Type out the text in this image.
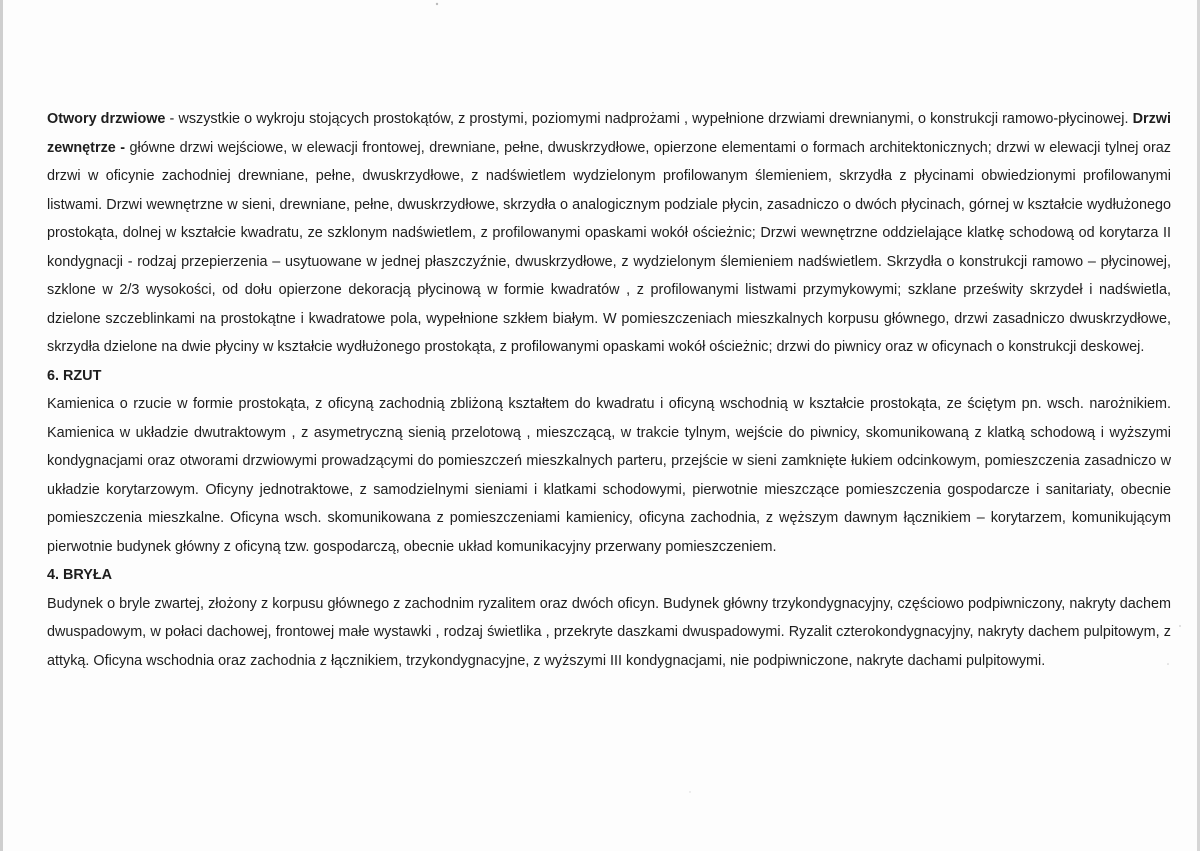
Otwory drzwiowe - wszystkie o wykroju stojących prostokątów, z prostymi, poziomymi nadprożami , wypełnione drzwiami drewnianymi, o konstrukcji ramowo-płycinowej. Drzwi zewnętrze - główne drzwi wejściowe, w elewacji frontowej, drewniane, pełne, dwuskrzydłowe, opierzone elementami o formach architektonicznych; drzwi w elewacji tylnej oraz drzwi w oficynie zachodniej drewniane, pełne, dwuskrzydłowe, z nadświetlem wydzielonym profilowanym ślemieniem, skrzydła z płycinami obwiedzionymi profilowanymi listwami. Drzwi wewnętrzne w sieni, drewniane, pełne, dwuskrzydłowe, skrzydła o analogicznym podziale płycin, zasadniczo o dwóch płycinach, górnej w kształcie wydłużonego prostokąta, dolnej w kształcie kwadratu, ze szklonym nadświetlem, z profilowanymi opaskami wokół ościeżnic; Drzwi wewnętrzne oddzielające klatkę schodową od korytarza II kondygnacji - rodzaj przepierzenia – usytuowane w jednej płaszczyźnie, dwuskrzydłowe, z wydzielonym ślemieniem nadświetlem. Skrzydła o konstrukcji ramowo – płycinowej, szklone w 2/3 wysokości, od dołu opierzone dekoracją płycinową w formie kwadratów , z profilowanymi listwami przymykowymi; szklane prześwity skrzydeł i nadświetla, dzielone szczeblinkami na prostokątne i kwadratowe pola, wypełnione szkłem białym. W pomieszczeniach mieszkalnych korpusu głównego, drzwi zasadniczo dwuskrzydłowe, skrzydła dzielone na dwie płyciny w kształcie wydłużonego prostokąta, z profilowanymi opaskami wokół ościeżnic; drzwi do piwnicy oraz w oficynach o konstrukcji deskowej.

6. RZUT

Kamienica o rzucie w formie prostokąta, z oficyną zachodnią zbliżoną kształtem do kwadratu i oficyną wschodnią w kształcie prostokąta, ze ściętym pn. wsch. narożnikiem. Kamienica w układzie dwutraktowym , z asymetryczną sienią przelotową , mieszczącą, w trakcie tylnym, wejście do piwnicy, skomunikowaną z klatką schodową i wyższymi kondygnacjami oraz otworami drzwiowymi prowadzącymi do pomieszczeń mieszkalnych parteru, przejście w sieni zamknięte łukiem odcinkowym, pomieszczenia zasadniczo w układzie korytarzowym. Oficyny jednotraktowe, z samodzielnymi sieniami i klatkami schodowymi, pierwotnie mieszczące pomieszczenia gospodarcze i sanitariaty, obecnie pomieszczenia mieszkalne. Oficyna wsch. skomunikowana z pomieszczeniami kamienicy, oficyna zachodnia, z węższym dawnym łącznikiem – korytarzem, komunikującym pierwotnie budynek główny z oficyną tzw. gospodarczą, obecnie układ komunikacyjny przerwany pomieszczeniem.

4. BRYŁA

Budynek o bryle zwartej, złożony z korpusu głównego z zachodnim ryzalitem oraz dwóch oficyn. Budynek główny trzykondygnacyjny, częściowo podpiwniczony, nakryty dachem dwuspadowym, w połaci dachowej, frontowej małe wystawki , rodzaj świetlika , przekryte daszkami dwuspadowymi. Ryzalit czterokondygnacyjny, nakryty dachem pulpitowym, z attyką. Oficyna wschodnia oraz zachodnia z łącznikiem, trzykondygnacyjne, z wyższymi III kondygnacjami, nie podpiwniczone, nakryte dachami pulpitowymi.
